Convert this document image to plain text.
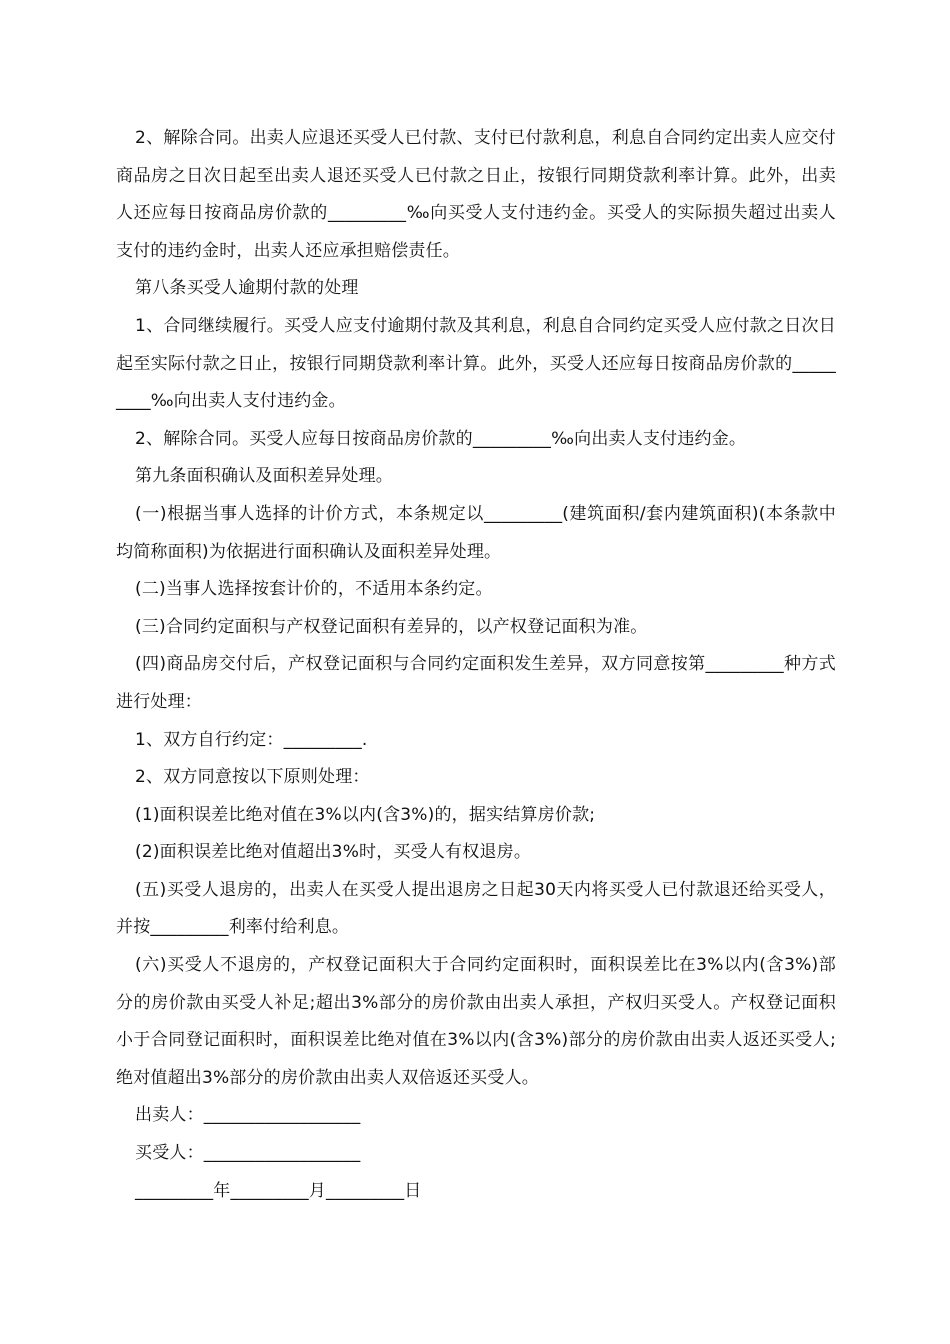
2、解除合同。出卖人应退还买受人已付款、支付已付款利息，利息自合同约定出卖人应交付商品房之日次日起至出卖人退还买受人已付款之日止，按银行同期贷款利率计算。此外，出卖人还应每日按商品房价款的_________‰向买受人支付违约金。买受人的实际损失超过出卖人支付的违约金时，出卖人还应承担赔偿责任。

第八条买受人逾期付款的处理

1、合同继续履行。买受人应支付逾期付款及其利息，利息自合同约定买受人应付款之日次日起至实际付款之日止，按银行同期贷款利率计算。此外，买受人还应每日按商品房价款的_________‰向出卖人支付违约金。

2、解除合同。买受人应每日按商品房价款的_________‰向出卖人支付违约金。

第九条面积确认及面积差异处理。

(一)根据当事人选择的计价方式，本条规定以_________(建筑面积/套内建筑面积)(本条款中均简称面积)为依据进行面积确认及面积差异处理。

(二)当事人选择按套计价的，不适用本条约定。

(三)合同约定面积与产权登记面积有差异的，以产权登记面积为准。

(四)商品房交付后，产权登记面积与合同约定面积发生差异，双方同意按第_________种方式进行处理：

1、双方自行约定：_________.

2、双方同意按以下原则处理：

(1)面积误差比绝对值在3%以内(含3%)的，据实结算房价款;

(2)面积误差比绝对值超出3%时，买受人有权退房。

(五)买受人退房的，出卖人在买受人提出退房之日起30天内将买受人已付款退还给买受人，并按_________利率付给利息。

(六)买受人不退房的，产权登记面积大于合同约定面积时，面积误差比在3%以内(含3%)部分的房价款由买受人补足;超出3%部分的房价款由出卖人承担，产权归买受人。产权登记面积小于合同登记面积时，面积误差比绝对值在3%以内(含3%)部分的房价款由出卖人返还买受人;绝对值超出3%部分的房价款由出卖人双倍返还买受人。

出卖人：__________________

买受人：__________________

_________年_________月_________日
